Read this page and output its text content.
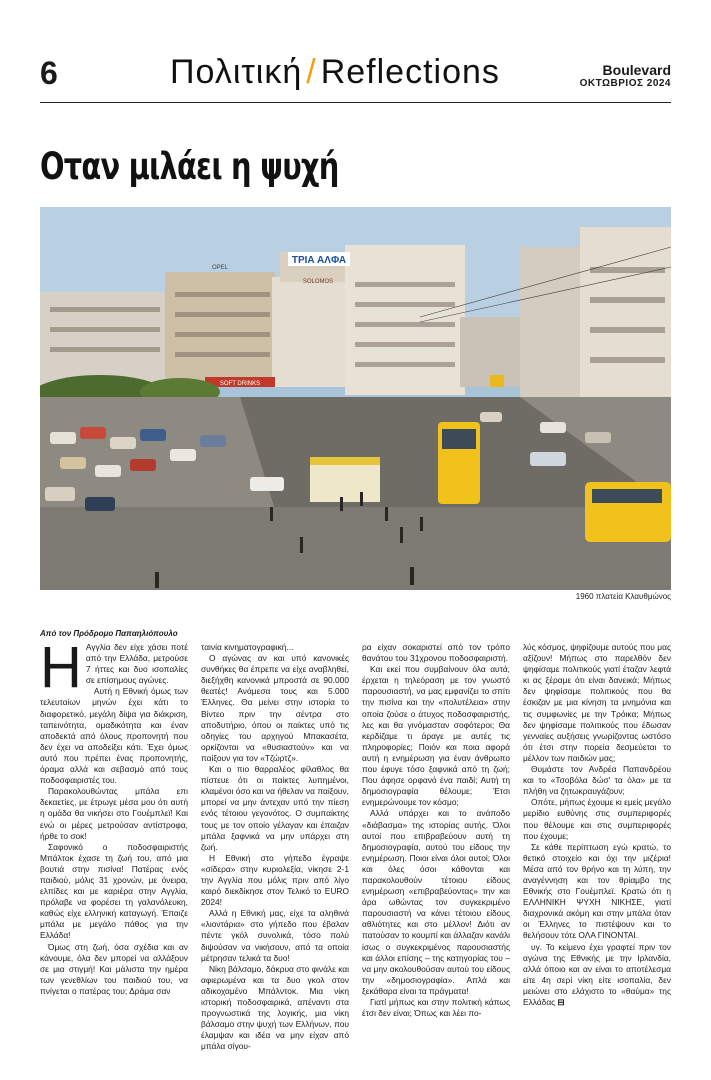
6	Πολιτική / Reflections	Boulevard
ΟΚΤΩΒΡΙΟΣ 2024
Οταν μιλάει η ψυχή
ΤΡΙΑ ΑΛΦΑ
SOFT DRINKS
SOLOMOS
OPEL
1960 πλατεία Κλαυθμώνος
Από τον Πρόδρομο Παπαηλιόπουλο
Η Αγγλία δεν είχε χάσει ποτέ από την Ελλάδα, μετρούσε 7 ήττες και δυο ισοπαλίες σε επίσημους αγώνες.

Αυτή η Εθνική όμως των τελευταίων μηνών έχει κάτι το διαφορετικό, μεγάλη δίψα για διάκριση, ταπεινότητα, ομαδικότητα και έναν αποδεκτά από όλους προπονητή που δεν έχει να αποδείξει κάτι. Έχει όμως αυτό που πρέπει ένας προπονητής, όραμα αλλά και σεβασμό από τους ποδοσφαιριστές του.

Παρακολουθώντας μπάλα επι δεκαετίες, με έτρωγε μέσα μου ότι αυτή η ομάδα θα νικήσει στο Γουέμπλεϊ! Και ενώ οι μέρες μετρούσαν αντίστροφα, ήρθε το σοκ!

Σαφονικό ο ποδοσφαιριστής Μπάλτοκ έχασε τη ζωή του, από μια βουτιά στην πισίνα! Πατέρας ενός παιδιού, μόλις 31 χρονών, με όνειρα, ελπίδες και με καριέρα στην Αγγλία, πρόλαβε να φορέσει τη γαλανόλευκη, καθώς είχε ελληνική καταγωγή. Έπαιζε μπάλα με μεγάλο πάθος για την Ελλάδα!

Όμως στη ζωή, όσα σχέδια και αν κάνουμε, όλα δεν μπορεί να αλλάξουν σε μια στιγμή! Και μάλιστα την ημέρα των γενεθλίων του παιδιού του, να πνίγεται ο πατέρας του; Δράμα σαν

ταινία κινηματογραφική...

Ο αγώνας αν και υπό κανονικές συνθήκες θα έπρεπε να είχε αναβληθεί, διεξήχθη κανονικά μπροστά σε 90.000 θεατές! Ανάμεσα τους και 5.000 Έλληνες. Θα μείνει στην ιστορία το Βίντεο πριν την σέντρα στο αποδυτήριο, όπου οι παίκτες υπό τις οδηγίες του αρχηγού Μπακασέτα, ορκίζονται να «θυσιαστούν» και να παίξουν για τον «Τζώρτζ».

Και ο πιο θαρραλέος φίλαθλος θα πίστευε ότι οι παίκτες λυπημένοι, κλαμένοι όσο και να ήθελαν να παίξουν, μπορεί να μην άντεχαν υπό την πίεση ενός τέτοιου γεγονότος. Ο συμπαίκτης τους με τον οποίο γέλαγαν και έπαιζαν μπάλα ξαφνικά να μην υπάρχει στη ζωή.

Η Εθνική στο γήπεδο έγραψε «σίδερα» στην κυριολεξία, νίκησε 2-1 την Αγγλία που μόλις πριν από λίγο καιρό διεκδίκησε στον Τελικό το EURO 2024!

Αλλά η Εθνική μας, είχε τα αληθινά «λιοντάρια» στο γήπεδο που έβαλαν πέντε γκόλ συνολικά, τόσο πολύ διψούσαν να νικήσουν, από τα οποία μέτρησαν τελικά τα δυο!

Νίκη βάλσαμο, δάκρυα στο φινάλε και αφιερωμένα και τα δυο γκολ στον αδικοχαμένο Μπάλντοκ. Μια νίκη ιστορική ποδοσφαιρικά, απέναντι στα προγνωστικά της λογικής, μια νίκη βάλσαμο στην ψυχή των Ελλήνων, που έλαμψαν και ιδέα να μην είχαν από μπάλα σίγου-

ρα είχαν σοκαριστεί από τον τρόπο θανάτου του 31χρονου ποδοσφαιριστή.

Και εκεί που συμβαίνουν όλα αυτά, έρχεται η τηλεόραση με τον γνωστό παρουσιαστή, να μας εμφανίζει το σπίτι την πισίνα και την «πολυτέλεια» στην οποία ζούσε ο άτυχος ποδοσφαιριστής, λες και θα γινόμασταν σοφότεροι; Θα κερδίζαμε τι άραγε με αυτές τις πληροφορίες; Ποιόν και ποια αφορά αυτή η ενημέρωση για έναν άνθρωπο που έφυγε τόσο ξαφνικά από τη ζωή; Που άφησε ορφανό ένα παιδί; Αυτή τη δημοσιογραφία θέλουμε; Έτσι ενημερώνουμε τον κόσμο;

Αλλά υπάρχει και το ανάποδο «διάβασμα» της ιστορίας αυτής. Όλοι αυτοί που επιβραβεύουν αυτή τη δημοσιογραφία, αυτού του είδους την ενημέρωση. Ποιοι είναι όλοι αυτοί; Όλοι και όλες όσοι κάθονται και παρακολουθούν τέτοιου είδους ενημέρωση «επιβραβεύοντας» την και άρα ωθώντας τον συγκεκριμένο παρουσιαστή να κάνει τέτοιου είδους αθλιότητες και στο μέλλον! Διότι αν πατούσαν το κουμπί και άλλαζαν κανάλι ίσως ο συγκεκριμένος παρουσιαστής και άλλοι επίσης – της κατηγορίας του – να μην ακολουθούσαν αυτού του είδους την «δημοσιογραφία». Απλά και ξεκάθαρα είναι τα πράγματα!

Γιατί μήπως και στην πολιτική κάπως έτσι δεν είναι; Όπως και λέει πο-

λύς κόσμος, ψηφίζουμε αυτούς που μας αξίζουν! Μήπως στο παρελθόν δεν ψηφίσαμε πολιτικούς γιατί έταζαν λεφτά κι ας ξέραμε ότι είναι δανεικά; Μήπως δεν ψηφίσαμε πολιτικούς που θα έσκιζαν με μια κίνηση τα μνημόνια και τις συμφωνίες με την Τρόικα; Μήπως δεν ψηφίσαμε πολιτικούς που έδωσαν γενναίες αυξήσεις γνωρίζοντας ωστόσο ότι έτσι στην πορεία δεσμεύεται το μέλλον των παιδιών μας;

Θυμάστε τον Ανδρέα Παπανδρέου και το «Τσοβόλα δώσ' τα όλα» με τα πλήθη να ζητωκραυγάζουν;

Οπότε, μήπως έχουμε κι εμείς μεγάλο μερίδιο ευθύνης στις συμπεριφορές που θέλουμε και στις συμπεριφορές που έχουμε;

Σε κάθε περίπτωση εγώ κρατώ, το θετικό στοιχείο και όχι την μιζέρια! Μέσα από τον θρήνο και τη λύπη, την αναγέννηση και τον θρίαμβο της Εθνικής στο Γουέμπλεϊ. Κρατώ ότι η ΕΛΛΗΝΙΚΗ ΨΥΧΗ ΝΙΚΗΣΕ, γιατί διαχρονικά ακόμη και στην μπάλα όταν οι Έλληνες το πιστέψουν και το θελήσουν τότε ΟΛΑ ΓΙΝΟΝΤΑΙ.

υγ. Το κείμενο έχει γραφτεί πριν τον αγώνα της Εθνικής με την Ιρλανδία, αλλά όποιο και αν είναι το αποτέλεσμα είτε 4η σερί νίκη είτε ισοπαλία, δεν μειώνει στο ελάχιστο το «θαύμα» της Ελλάδας ⊟
